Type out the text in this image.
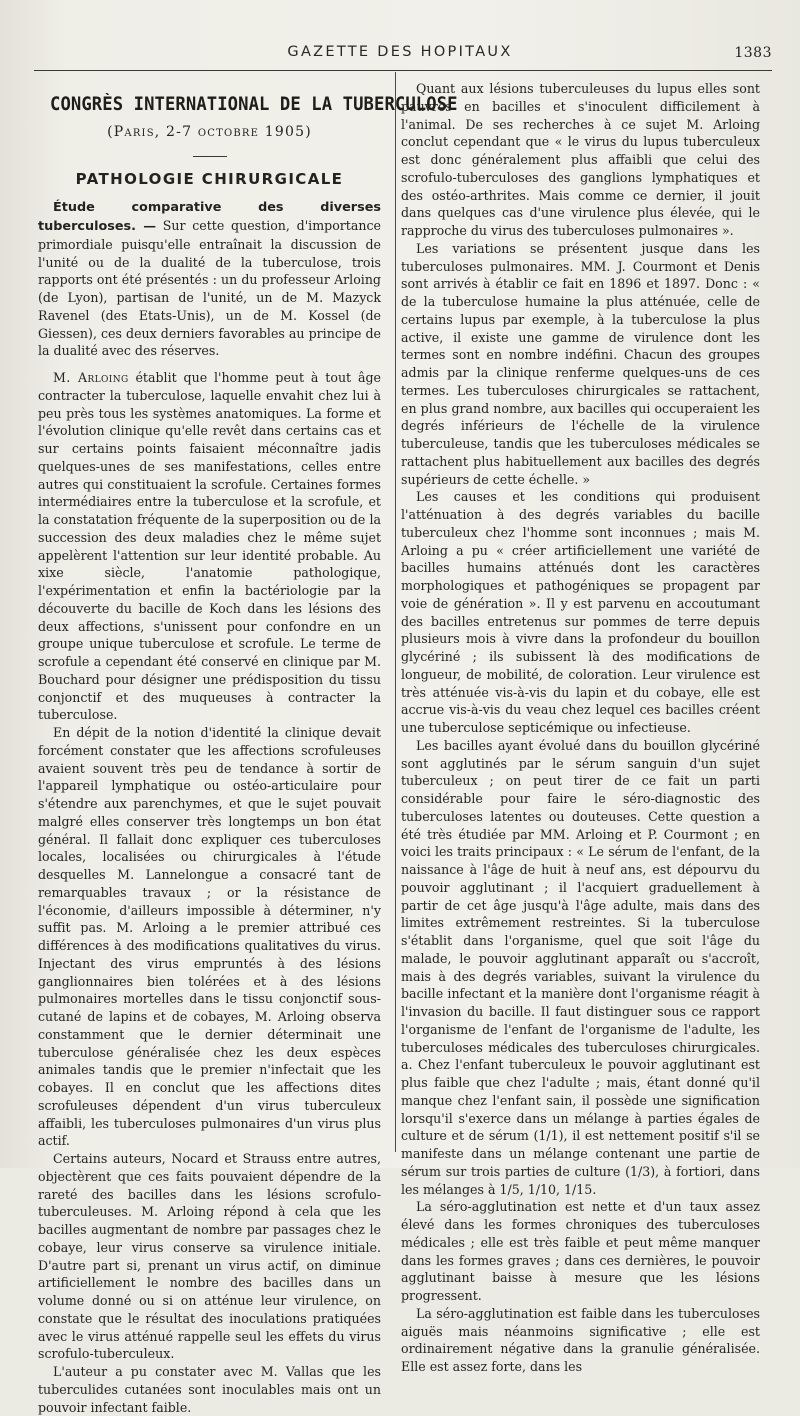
GAZETTE DES HOPITAUX	1383
CONGRÈS INTERNATIONAL DE LA TUBERCULOSE
(Paris, 2-7 octobre 1905)
PATHOLOGIE CHIRURGICALE

Étude comparative des diverses tuberculoses. — Sur cette question, d'importance primordiale puisqu'elle entraînait la discussion de l'unité ou de la dualité de la tuberculose, trois rapports ont été présentés : un du professeur Arloing (de Lyon), partisan de l'unité, un de M. Mazyck Ravenel (des Etats-Unis), un de M. Kossel (de Giessen), ces deux derniers favorables au principe de la dualité avec des réserves.

M. Arloing établit que l'homme peut à tout âge contracter la tuberculose, laquelle envahit chez lui à peu près tous les systèmes anatomiques. La forme et l'évolution clinique qu'elle revêt dans certains cas et sur certains points faisaient méconnaître jadis quelques-unes de ses manifestations, celles entre autres qui constituaient la scrofule. Certaines formes intermédiaires entre la tuberculose et la scrofule, et la constatation fréquente de la superposition ou de la succession des deux maladies chez le même sujet appelèrent l'attention sur leur identité probable. Au xixe siècle, l'anatomie pathologique, l'expérimentation et enfin la bactériologie par la découverte du bacille de Koch dans les lésions des deux affections, s'unissent pour confondre en un groupe unique tuberculose et scrofule. Le terme de scrofule a cependant été conservé en clinique par M. Bouchard pour désigner une prédisposition du tissu conjonctif et des muqueuses à contracter la tuberculose.

En dépit de la notion d'identité la clinique devait forcément constater que les affections scrofuleuses avaient souvent très peu de tendance à sortir de l'appareil lymphatique ou ostéo-articulaire pour s'étendre aux parenchymes, et que le sujet pouvait malgré elles conserver très longtemps un bon état général. Il fallait donc expliquer ces tuberculoses locales, localisées ou chirurgicales à l'étude desquelles M. Lannelongue a consacré tant de remarquables travaux ; or la résistance de l'économie, d'ailleurs impossible à déterminer, n'y suffit pas. M. Arloing a le premier attribué ces différences à des modifications qualitatives du virus. Injectant des virus empruntés à des lésions ganglionnaires bien tolérées et à des lésions pulmonaires mortelles dans le tissu conjonctif sous-cutané de lapins et de cobayes, M. Arloing observa constamment que le dernier déterminait une tuberculose généralisée chez les deux espèces animales tandis que le premier n'infectait que les cobayes. Il en conclut que les affections dites scrofuleuses dépendent d'un virus tuberculeux affaibli, les tuberculoses pulmonaires d'un virus plus actif.

Certains auteurs, Nocard et Strauss entre autres, objectèrent que ces faits pouvaient dépendre de la rareté des bacilles dans les lésions scrofulo-tuberculeuses. M. Arloing répond à cela que les bacilles augmentant de nombre par passages chez le cobaye, leur virus conserve sa virulence initiale. D'autre part si, prenant un virus actif, on diminue artificiellement le nombre des bacilles dans un volume donné ou si on atténue leur virulence, on constate que le résultat des inoculations pratiquées avec le virus atténué rappelle seul les effets du virus scrofulo-tuberculeux.

L'auteur a pu constater avec M. Vallas que les tuberculides cutanées sont inoculables mais ont un pouvoir infectant faible.

Quant aux lésions tuberculeuses du lupus elles sont pauvres en bacilles et s'inoculent difficilement à l'animal. De ses recherches à ce sujet M. Arloing conclut cependant que « le virus du lupus tuberculeux est donc généralement plus affaibli que celui des scrofulo-tuberculoses des ganglions lymphatiques et des ostéo-arthrites. Mais comme ce dernier, il jouit dans quelques cas d'une virulence plus élevée, qui le rapproche du virus des tuberculoses pulmonaires ».

Les variations se présentent jusque dans les tuberculoses pulmonaires. MM. J. Courmont et Denis sont arrivés à établir ce fait en 1896 et 1897. Donc : « de la tuberculose humaine la plus atténuée, celle de certains lupus par exemple, à la tuberculose la plus active, il existe une gamme de virulence dont les termes sont en nombre indéfini. Chacun des groupes admis par la clinique renferme quelques-uns de ces termes. Les tuberculoses chirurgicales se rattachent, en plus grand nombre, aux bacilles qui occuperaient les degrés inférieurs de l'échelle de la virulence tuberculeuse, tandis que les tuberculoses médicales se rattachent plus habituellement aux bacilles des degrés supérieurs de cette échelle. »

Les causes et les conditions qui produisent l'atténuation à des degrés variables du bacille tuberculeux chez l'homme sont inconnues ; mais M. Arloing a pu « créer artificiellement une variété de bacilles humains atténués dont les caractères morphologiques et pathogéniques se propagent par voie de génération ». Il y est parvenu en accoutumant des bacilles entretenus sur pommes de terre depuis plusieurs mois à vivre dans la profondeur du bouillon glycériné ; ils subissent là des modifications de longueur, de mobilité, de coloration. Leur virulence est très atténuée vis-à-vis du lapin et du cobaye, elle est accrue vis-à-vis du veau chez lequel ces bacilles créent une tuberculose septicémique ou infectieuse.

Les bacilles ayant évolué dans du bouillon glycériné sont agglutinés par le sérum sanguin d'un sujet tuberculeux ; on peut tirer de ce fait un parti considérable pour faire le séro-diagnostic des tuberculoses latentes ou douteuses. Cette question a été très étudiée par MM. Arloing et P. Courmont ; en voici les traits principaux : « Le sérum de l'enfant, de la naissance à l'âge de huit à neuf ans, est dépourvu du pouvoir agglutinant ; il l'acquiert graduellement à partir de cet âge jusqu'à l'âge adulte, mais dans des limites extrêmement restreintes. Si la tuberculose s'établit dans l'organisme, quel que soit l'âge du malade, le pouvoir agglutinant apparaît ou s'accroît, mais à des degrés variables, suivant la virulence du bacille infectant et la manière dont l'organisme réagit à l'invasion du bacille. Il faut distinguer sous ce rapport l'organisme de l'enfant de l'organisme de l'adulte, les tuberculoses médicales des tuberculoses chirurgicales. a. Chez l'enfant tuberculeux le pouvoir agglutinant est plus faible que chez l'adulte ; mais, étant donné qu'il manque chez l'enfant sain, il possède une signification lorsqu'il s'exerce dans un mélange à parties égales de culture et de sérum (1/1), il est nettement positif s'il se manifeste dans un mélange contenant une partie de sérum sur trois parties de culture (1/3), à fortiori, dans les mélanges à 1/5, 1/10, 1/15.

La séro-agglutination est nette et d'un taux assez élevé dans les formes chroniques des tuberculoses médicales ; elle est très faible et peut même manquer dans les formes graves ; dans ces dernières, le pouvoir agglutinant baisse à mesure que les lésions progressent.

La séro-agglutination est faible dans les tuberculoses aiguës mais néanmoins significative ; elle est ordinairement négative dans la granulie généralisée. Elle est assez forte, dans les
